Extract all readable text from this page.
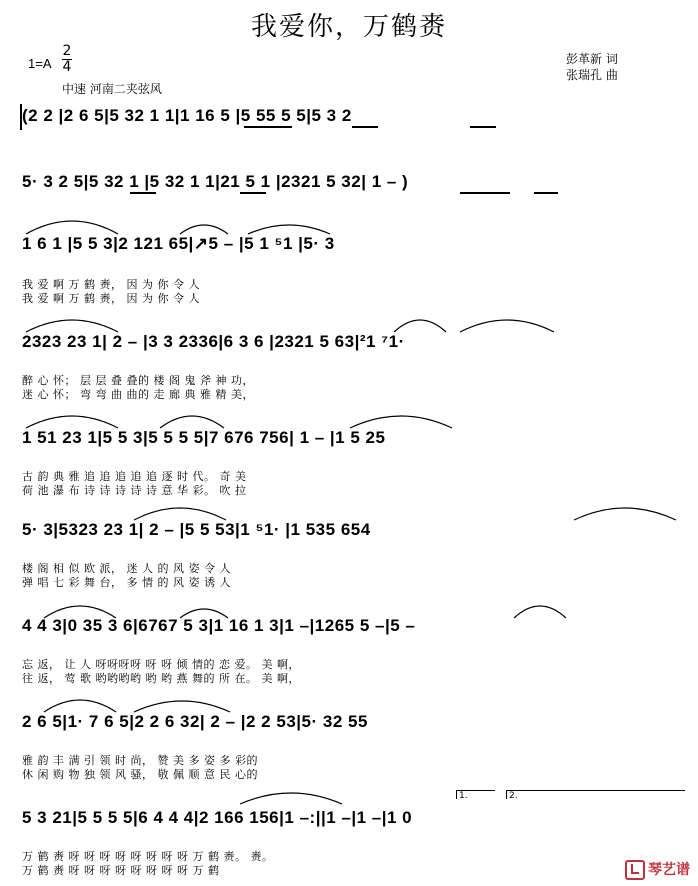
我爱你，万鹤赉
1=A
2
4
中速 河南二夹弦风
彭革新 词
张瑞孔 曲
(2 2 |2 6 5|5 32 1 1|1 16 5 |5 55 5 5|5 3 2
5· 3 2 5|5 32 1 |5 32 1 1|21 5 1 |2321 5 32| 1 – )
1 6 1 |5 5 3|2 121 65|↗5 – |5 1 ⁵1 |5· 3
我 爱 啊 万 鹤 赉， 因 为 你 令 人
我 爱 啊 万 鹤 赉， 因 为 你 令 人
2323 23 1| 2 – |3 3 2336|6 3 6 |2321 5 63|²1 ⁷1·
醉 心 怀； 层 层 叠 叠的 楼 阁 鬼 斧 神 功，
迷 心 怀； 弯 弯 曲 曲的 走 廊 典 雅 精 美，
1 51 23 1|5 5 3|5 5 5 5|7 676 756| 1 – |1 5 25
古 韵 典 雅 追 追 追 追 追 逐 时 代。 奇 美
荷 池 瀑 布 诗 诗 诗 诗 诗 意 华 彩。 吹 拉
5· 3|5323 23 1| 2 – |5 5 53|1 ⁵1· |1 535 654
楼 阁 相 似 欧 派， 迷 人 的 风 姿 令 人
弹 唱 七 彩 舞 台， 多 情 的 风 姿 诱 人
4 4 3|0 35 3 6|6767 5 3|1 16 1 3|1 –|1265 5 –|5 –
忘 返， 让 人 呀呀呀呀 呀 呀 倾 情的 恋 爱。 美 啊，
往 返， 莺 歌 哟哟哟哟 哟 哟 燕 舞的 所 在。 美 啊，
2 6 5|1· 7 6 5|2 2 6 32| 2 – |2 2 53|5· 32 55
雅 韵 丰 满 引 领 时 尚， 赞 美 多 姿 多 彩的
休 闲 购 物 独 领 风 骚， 敬 佩 顺 意 民 心的
1.	2.
5 3 21|5 5 5 5|6 4 4 4|2 166 156|1 –:||1 –|1 –|1 0
万 鹤 赉 呀 呀 呀 呀 呀 呀 呀 呀 万 鹤 赉。 赉。
万 鹤 赉 呀 呀 呀 呀 呀 呀 呀 呀 万 鹤	琴艺谱
